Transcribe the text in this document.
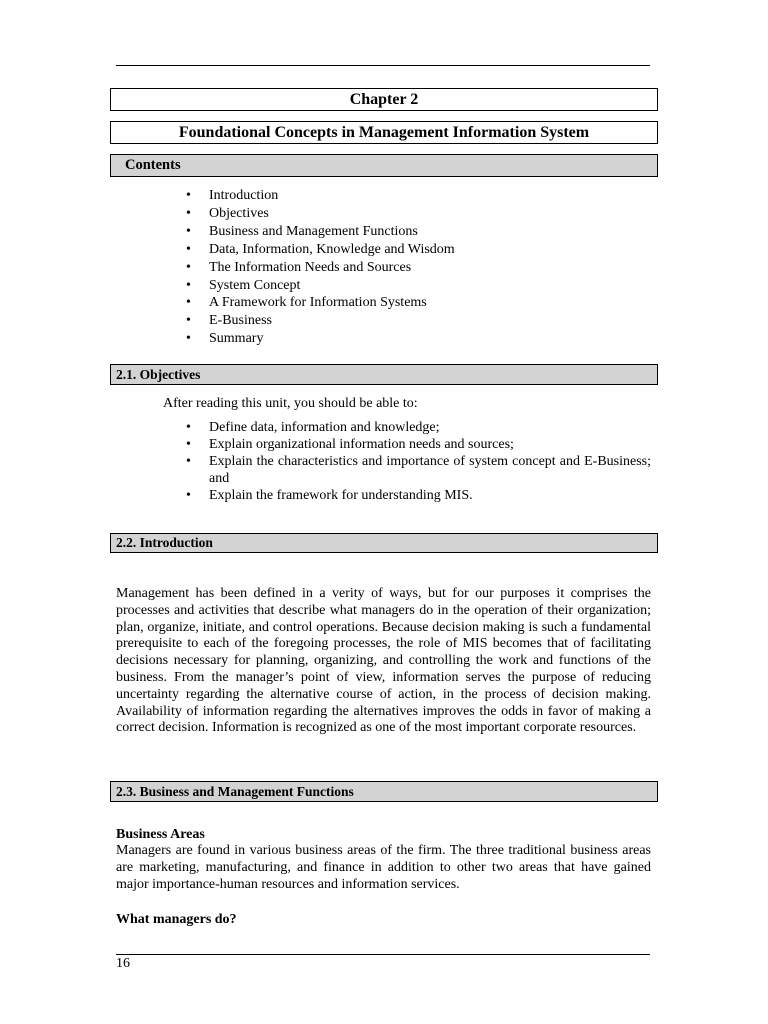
Chapter 2
Foundational Concepts in Management Information System
Contents
• Introduction
• Objectives
• Business and Management Functions
• Data, Information, Knowledge and Wisdom
• The Information Needs and Sources
• System Concept
• A Framework for Information Systems
• E-Business
• Summary
2.1. Objectives
After reading this unit, you should be able to:
• Define data, information and knowledge;
• Explain organizational information needs and sources;
• Explain the characteristics and importance of system concept and E-Business; and
• Explain the framework for understanding MIS.
2.2. Introduction

Management has been defined in a verity of ways, but for our purposes it comprises the processes and activities that describe what managers do in the operation of their organization; plan, organize, initiate, and control operations. Because decision making is such a fundamental prerequisite to each of the foregoing processes, the role of MIS becomes that of facilitating decisions necessary for planning, organizing, and controlling the work and functions of the business. From the manager’s point of view, information serves the purpose of reducing uncertainty regarding the alternative course of action, in the process of decision making. Availability of information regarding the alternatives improves the odds in favor of making a correct decision. Information is recognized as one of the most important corporate resources.

2.3. Business and Management Functions
Business Areas

Managers are found in various business areas of the firm. The three traditional business areas are marketing, manufacturing, and finance in addition to other two areas that have gained major importance-human resources and information services.

What managers do?
16
